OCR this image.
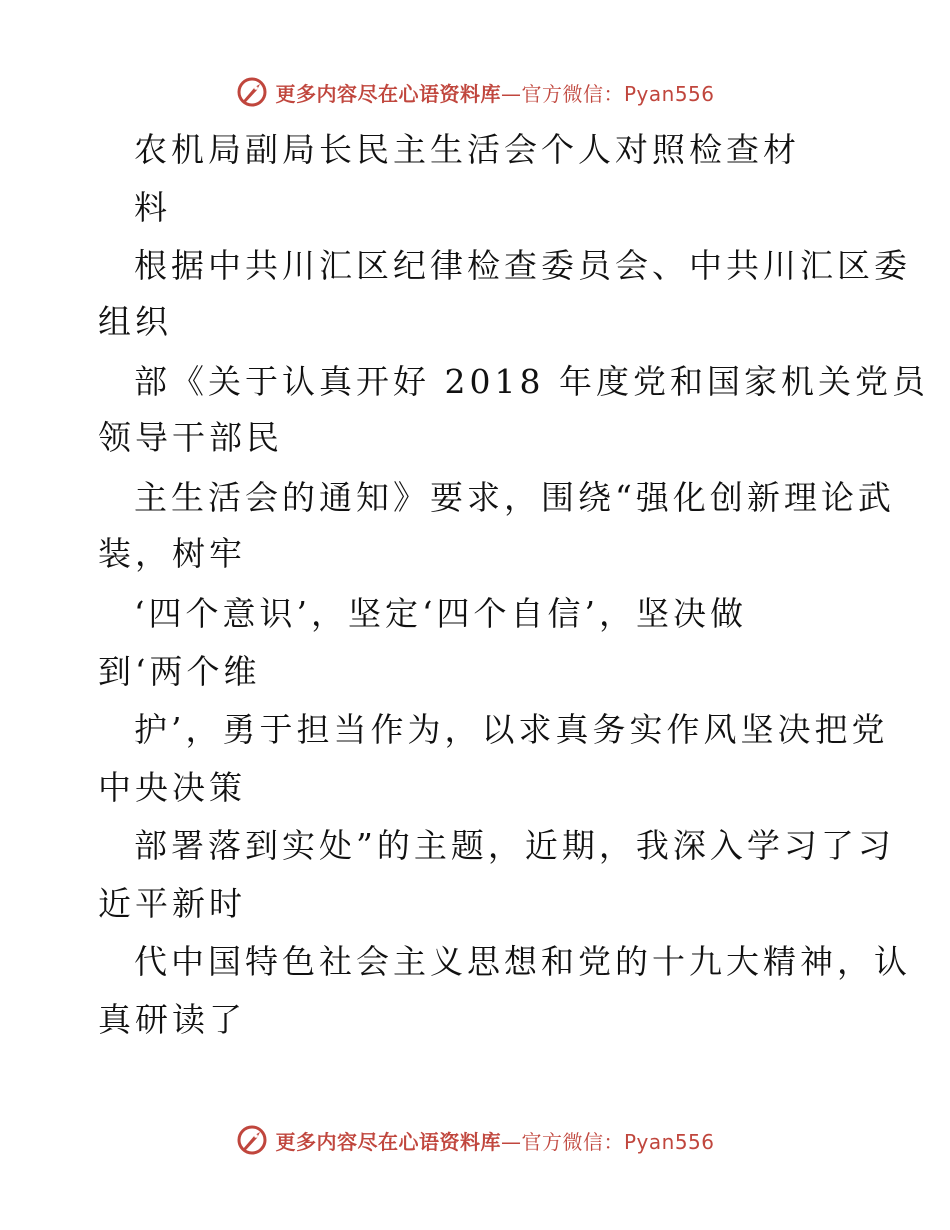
更多内容尽在心语资料库—官方微信：Pyan556
农机局副局长民主生活会个人对照检查材
料
根据中共川汇区纪律检查委员会、中共川汇区委
组织
部《关于认真开好 2018 年度党和国家机关党员
领导干部民
主生活会的通知》要求，围绕“强化创新理论武
装，树牢
‘四个意识’，坚定‘四个自信’，坚决做
到‘两个维
护’，勇于担当作为，以求真务实作风坚决把党
中央决策
部署落到实处”的主题，近期，我深入学习了习
近平新时
代中国特色社会主义思想和党的十九大精神，认
真研读了
更多内容尽在心语资料库—官方微信：Pyan556
